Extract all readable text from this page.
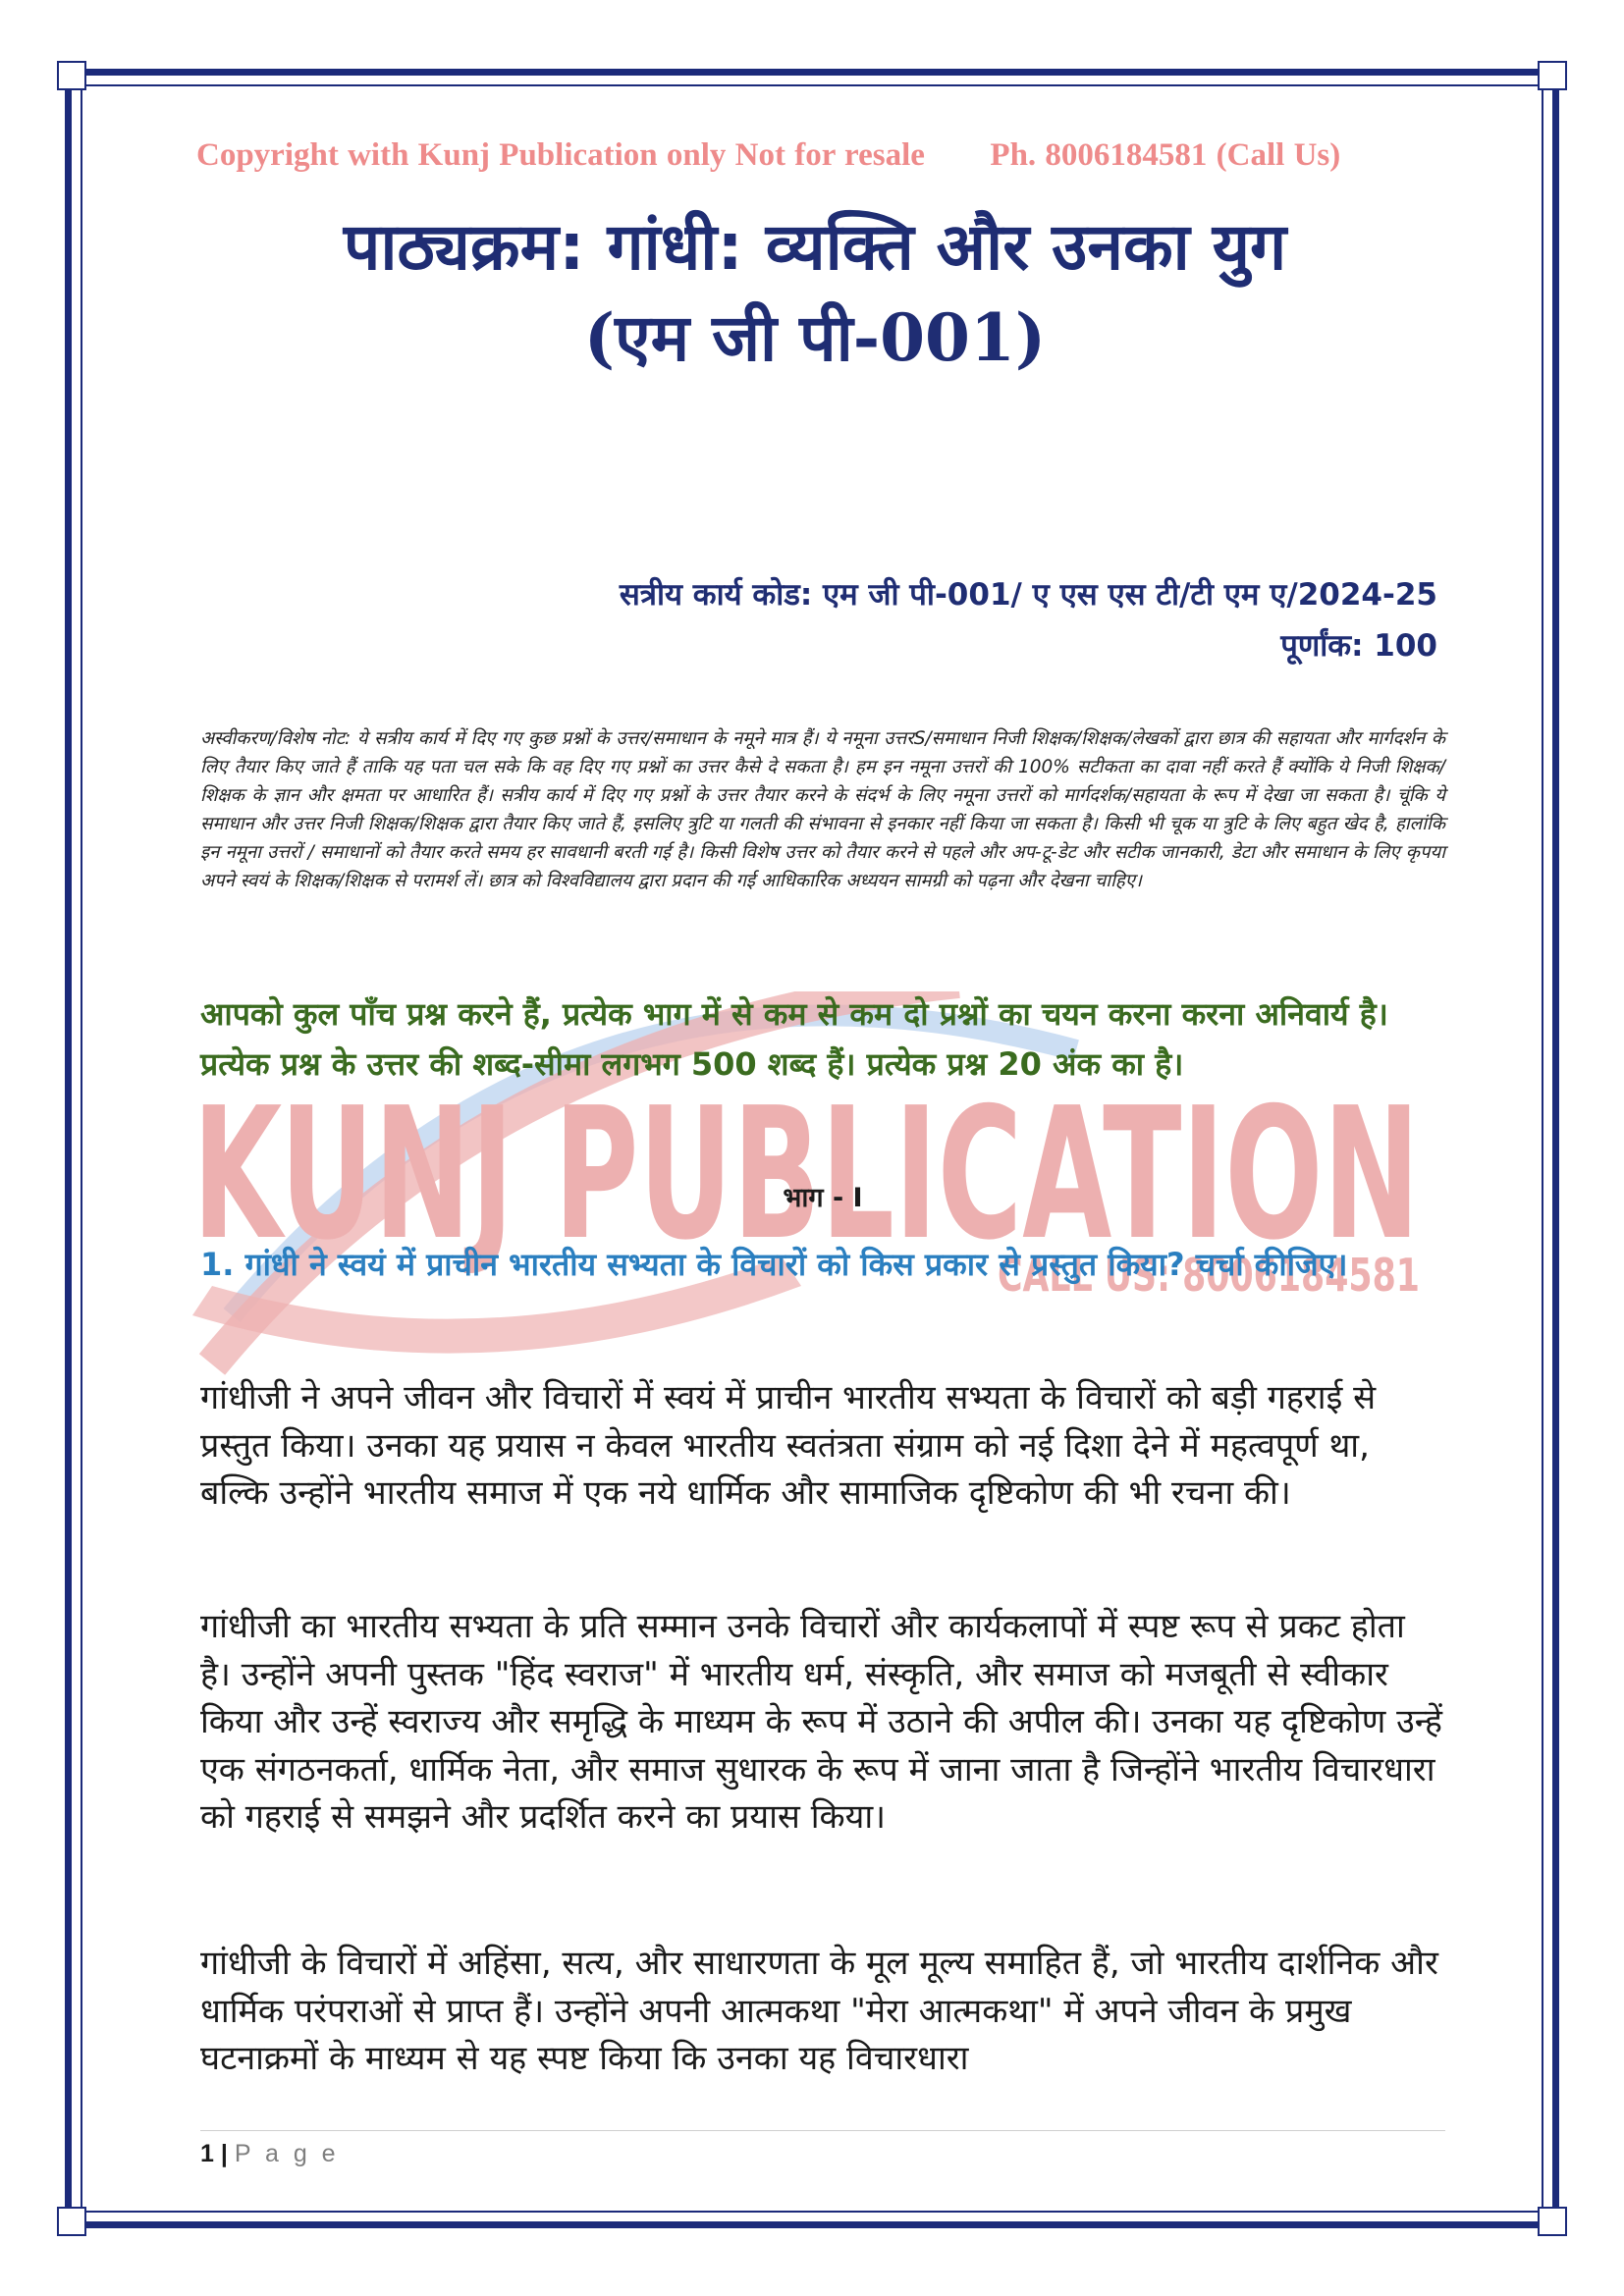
KUNJ PUBLICATION
CALL US: 8006184581
Copyright with Kunj Publication only Not for resale Ph. 8006184581 (Call Us)
पाठ्यक्रम: गांधी: व्यक्ति और उनका युग
(एम जी पी-001)
सत्रीय कार्य कोड: एम जी पी-001/ ए एस एस टी/टी एम ए/2024-25
पूर्णांक: 100
अस्वीकरण/विशेष नोट: ये सत्रीय कार्य में दिए गए कुछ प्रश्नों के उत्तर/समाधान के नमूने मात्र हैं। ये नमूना उत्तरS/समाधान निजी शिक्षक/शिक्षक/लेखकों द्वारा छात्र की सहायता और मार्गदर्शन के लिए तैयार किए जाते हैं ताकि यह पता चल सके कि वह दिए गए प्रश्नों का उत्तर कैसे दे सकता है। हम इन नमूना उत्तरों की 100% सटीकता का दावा नहीं करते हैं क्योंकि ये निजी शिक्षक/शिक्षक के ज्ञान और क्षमता पर आधारित हैं। सत्रीय कार्य में दिए गए प्रश्नों के उत्तर तैयार करने के संदर्भ के लिए नमूना उत्तरों को मार्गदर्शक/सहायता के रूप में देखा जा सकता है। चूंकि ये समाधान और उत्तर निजी शिक्षक/शिक्षक द्वारा तैयार किए जाते हैं, इसलिए त्रुटि या गलती की संभावना से इनकार नहीं किया जा सकता है। किसी भी चूक या त्रुटि के लिए बहुत खेद है, हालांकि इन नमूना उत्तरों / समाधानों को तैयार करते समय हर सावधानी बरती गई है। किसी विशेष उत्तर को तैयार करने से पहले और अप-टू-डेट और सटीक जानकारी, डेटा और समाधान के लिए कृपया अपने स्वयं के शिक्षक/शिक्षक से परामर्श लें। छात्र को विश्वविद्यालय द्वारा प्रदान की गई आधिकारिक अध्ययन सामग्री को पढ़ना और देखना चाहिए।
आपको कुल पाँच प्रश्न करने हैं, प्रत्येक भाग में से कम से कम दो प्रश्नों का चयन करना करना अनिवार्य है। प्रत्येक प्रश्न के उत्तर की शब्द-सीमा लगभग 500 शब्द हैं। प्रत्येक प्रश्न 20 अंक का है।
भाग - I
1. गांधी ने स्वयं में प्राचीन भारतीय सभ्यता के विचारों को किस प्रकार से प्रस्तुत किया? चर्चा कीजिए।
गांधीजी ने अपने जीवन और विचारों में स्वयं में प्राचीन भारतीय सभ्यता के विचारों को बड़ी गहराई से प्रस्तुत किया। उनका यह प्रयास न केवल भारतीय स्वतंत्रता संग्राम को नई दिशा देने में महत्वपूर्ण था, बल्कि उन्होंने भारतीय समाज में एक नये धार्मिक और सामाजिक दृष्टिकोण की भी रचना की।
गांधीजी का भारतीय सभ्यता के प्रति सम्मान उनके विचारों और कार्यकलापों में स्पष्ट रूप से प्रकट होता है। उन्होंने अपनी पुस्तक "हिंद स्वराज" में भारतीय धर्म, संस्कृति, और समाज को मजबूती से स्वीकार किया और उन्हें स्वराज्य और समृद्धि के माध्यम के रूप में उठाने की अपील की। उनका यह दृष्टिकोण उन्हें एक संगठनकर्ता, धार्मिक नेता, और समाज सुधारक के रूप में जाना जाता है जिन्होंने भारतीय विचारधारा को गहराई से समझने और प्रदर्शित करने का प्रयास किया।
गांधीजी के विचारों में अहिंसा, सत्य, और साधारणता के मूल मूल्य समाहित हैं, जो भारतीय दार्शनिक और धार्मिक परंपराओं से प्राप्त हैं। उन्होंने अपनी आत्मकथा "मेरा आत्मकथा" में अपने जीवन के प्रमुख घटनाक्रमों के माध्यम से यह स्पष्ट किया कि उनका यह विचारधारा
1 | P a g e
